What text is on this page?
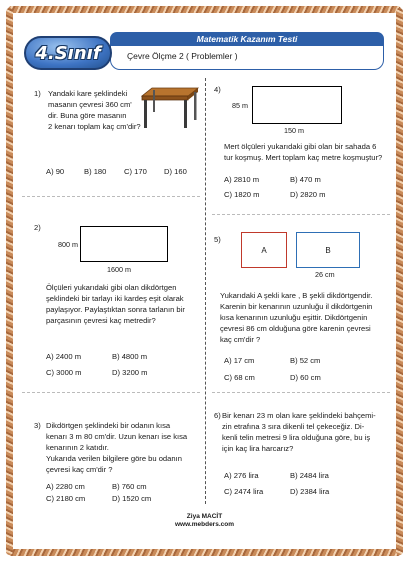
Matematik Kazanım Testi
Çevre Ölçme 2 ( Problemler )
4.Sınıf
1) Yandaki kare şeklindeki
masanın çevresi 360 cm'
dir. Buna göre masanın
2 kenarı toplam kaç cm'dir?
A) 90	B) 180 C) 170 D) 160
2)
800 m
1600 m
Ölçüleri yukarıdaki gibi olan dikdörtgen
şeklindeki bir tarlayı iki kardeş eşit olarak
paylaşıyor. Paylaştıktan sonra tarlanın bir
parçasının çevresi kaç metredir?
A) 2400 m	B) 4800 m
C) 3000 m	D) 3200 m
3) Dikdörtgen şeklindeki bir odanın kısa
kenarı 3 m 80 cm'dir. Uzun kenarı ise kısa
kenarının 2 katıdır.
Yukarıda verilen bilgilere göre bu odanın
çevresi kaç cm'dir ?
A) 2280 cm	B) 760 cm
C) 2180 cm	D) 1520 cm
4)
85 m
150 m
Mert ölçüleri yukarıdaki gibi olan bir sahada 6
tur koşmuş. Mert toplam kaç metre koşmuştur?
A) 2810 m	B) 470 m
C) 1820 m	D) 2820 m
5)
A	B
26 cm
Yukarıdaki A şekli kare , B şekli dikdörtgendir.
Karenin bir kenarının uzunluğu il dikdörtgenin
kısa kenarının uzunluğu eşittir. Dikdörtgenin
çevresi 86 cm olduğuna göre karenin çevresi
kaç cm'dir ?
A) 17 cm	B) 52 cm
C) 68 cm	D) 60 cm
6) Bir kenarı 23 m olan kare şeklindeki bahçemi-
zin etrafına 3 sıra dikenli tel çekeceğiz. Di-
kenli telin metresi 9 lira olduğuna göre, bu iş
için kaç lira harcarız?
A) 276 lira	B) 2484 lira
C) 2474 lira	D) 2384 lira
Ziya MACİT
www.mebders.com
